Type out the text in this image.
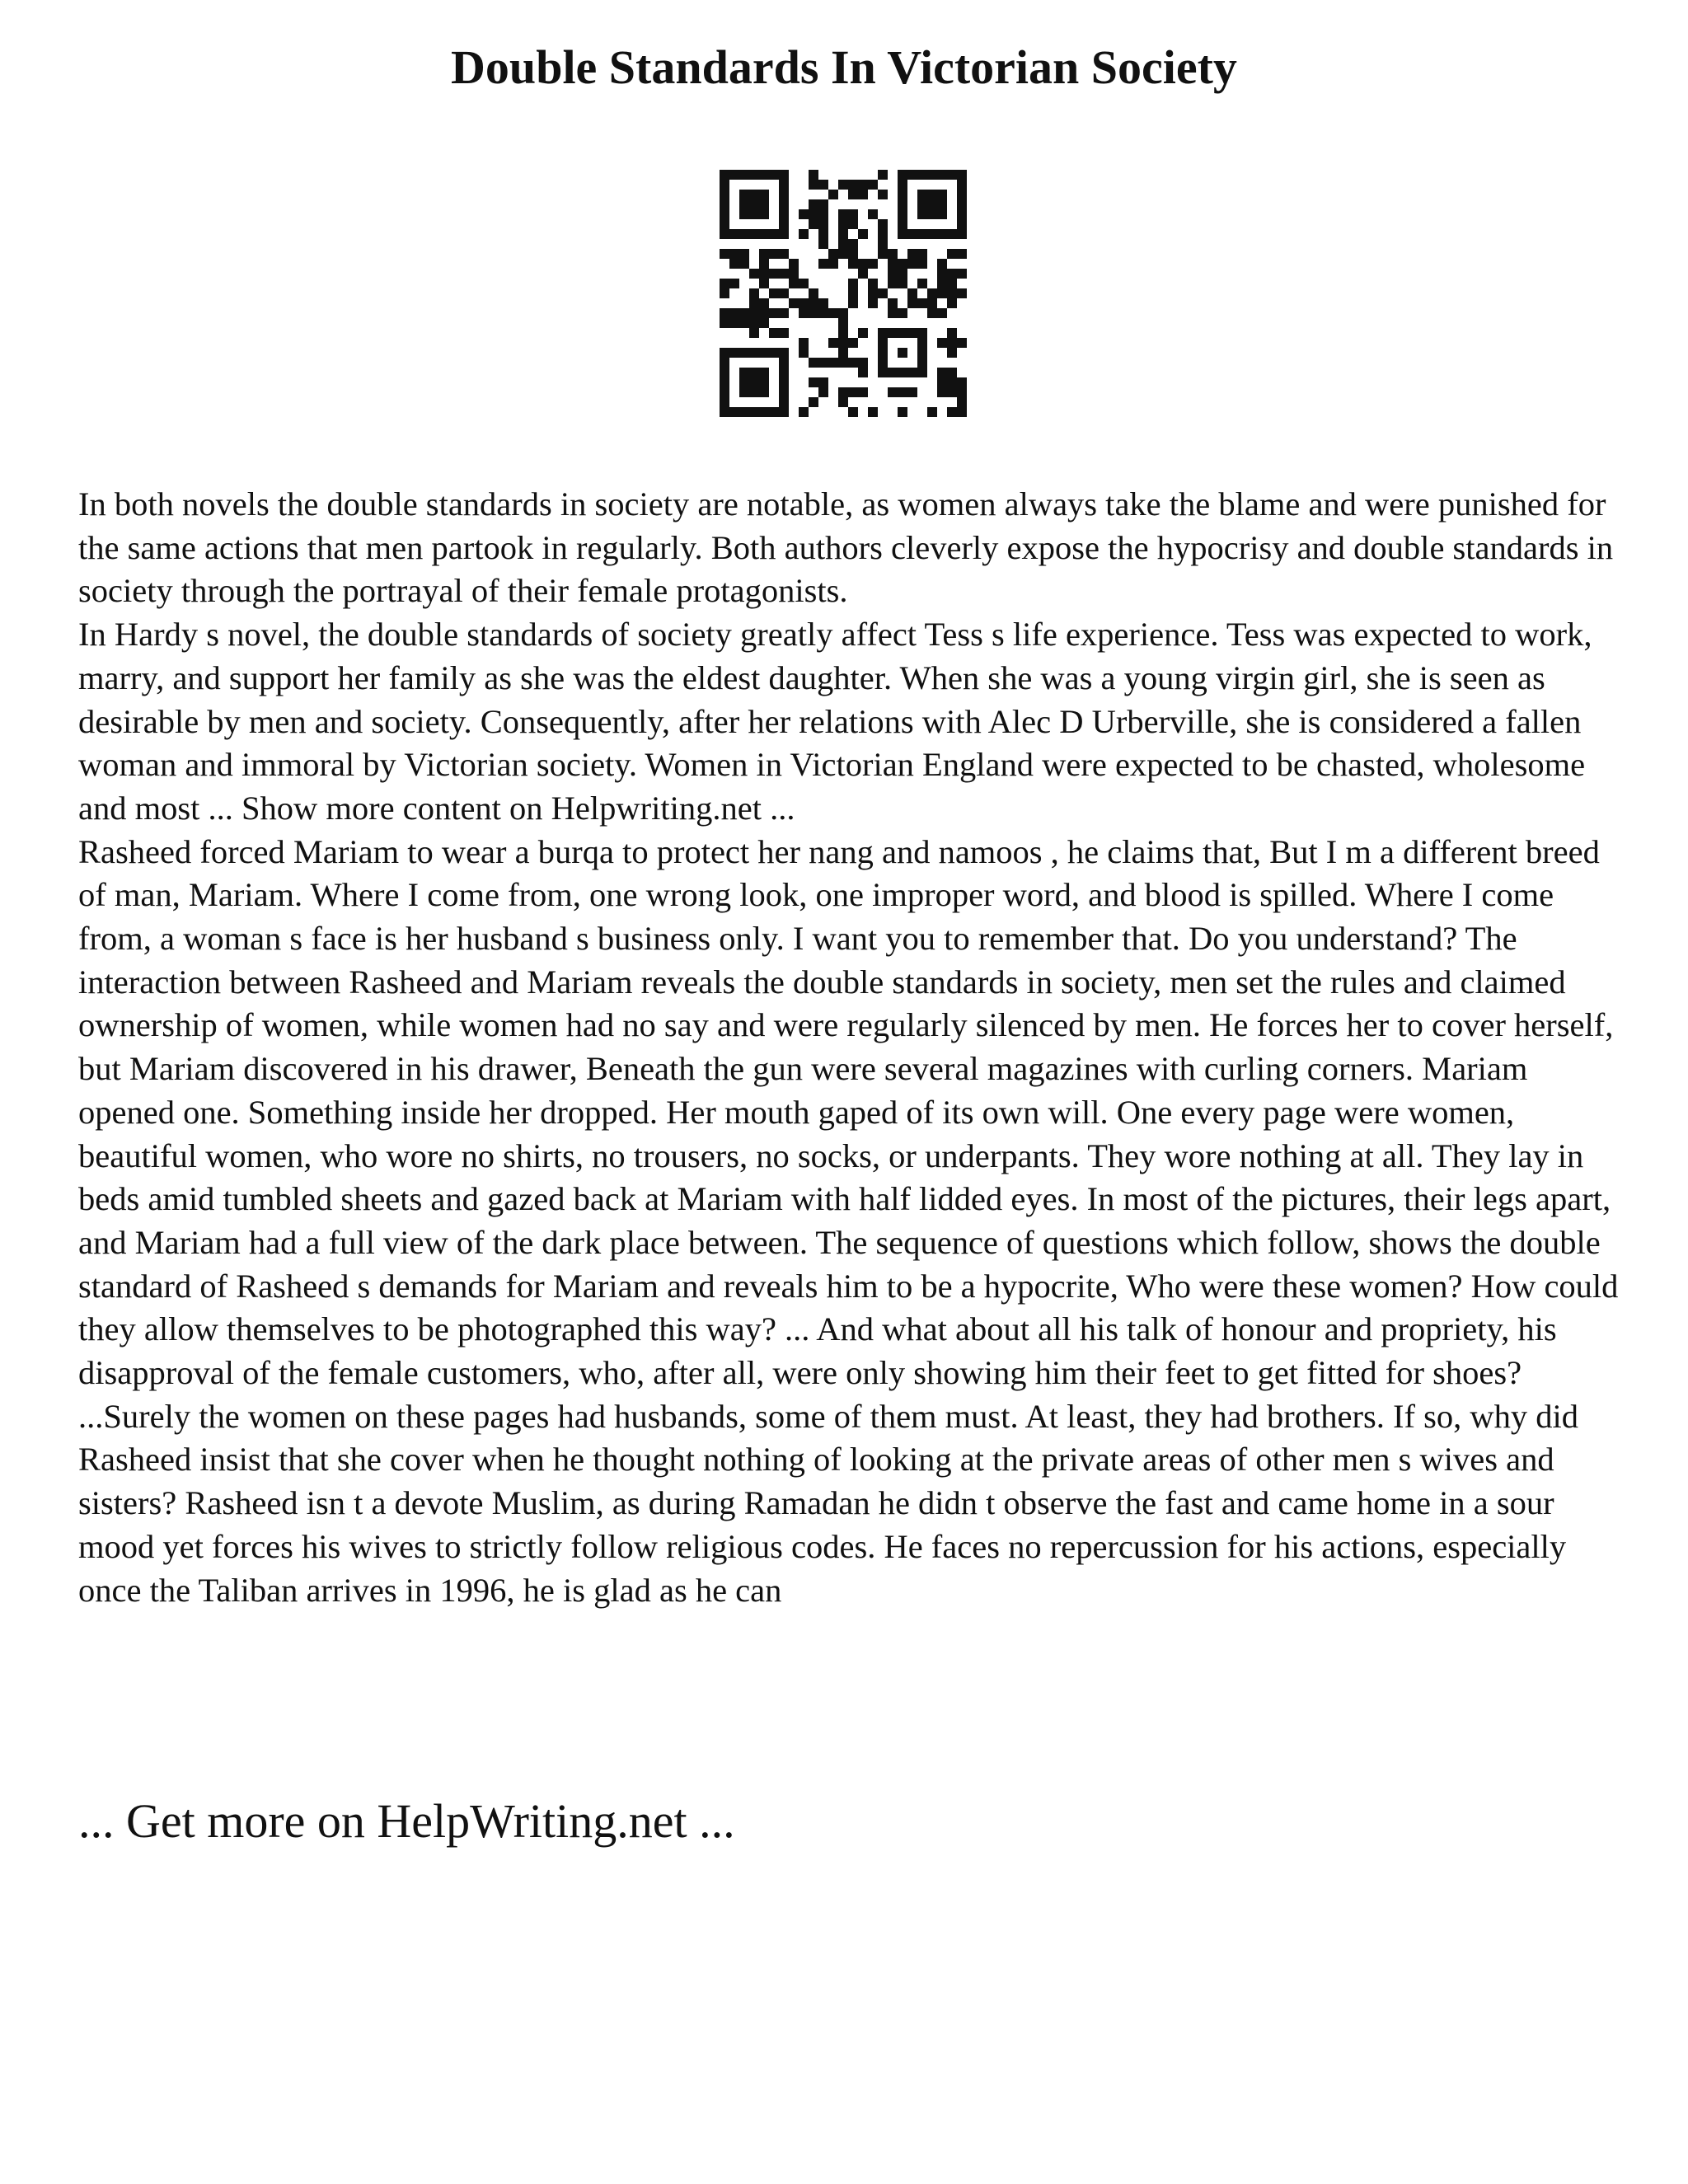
Double Standards In Victorian Society

In both novels the double standards in society are notable, as women always take the blame and were punished for the same actions that men partook in regularly. Both authors cleverly expose the hypocrisy and double standards in society through the portrayal of their female protagonists.

In Hardy s novel, the double standards of society greatly affect Tess s life experience. Tess was expected to work, marry, and support her family as she was the eldest daughter. When she was a young virgin girl, she is seen as desirable by men and society. Consequently, after her relations with Alec D Urberville, she is considered a fallen woman and immoral by Victorian society. Women in Victorian England were expected to be chasted, wholesome and most ... Show more content on Helpwriting.net ...

Rasheed forced Mariam to wear a burqa to protect her nang and namoos , he claims that, But I m a different breed of man, Mariam. Where I come from, one wrong look, one improper word, and blood is spilled. Where I come from, a woman s face is her husband s business only. I want you to remember that. Do you understand? The interaction between Rasheed and Mariam reveals the double standards in society, men set the rules and claimed ownership of women, while women had no say and were regularly silenced by men. He forces her to cover herself, but Mariam discovered in his drawer, Beneath the gun were several magazines with curling corners. Mariam opened one. Something inside her dropped. Her mouth gaped of its own will. One every page were women, beautiful women, who wore no shirts, no trousers, no socks, or underpants. They wore nothing at all. They lay in beds amid tumbled sheets and gazed back at Mariam with half lidded eyes. In most of the pictures, their legs apart, and Mariam had a full view of the dark place between. The sequence of questions which follow, shows the double standard of Rasheed s demands for Mariam and reveals him to be a hypocrite, Who were these women? How could they allow themselves to be photographed this way? ... And what about all his talk of honour and propriety, his disapproval of the female customers, who, after all, were only showing him their feet to get fitted for shoes? ...Surely the women on these pages had husbands, some of them must. At least, they had brothers. If so, why did Rasheed insist that she cover when he thought nothing of looking at the private areas of other men s wives and sisters? Rasheed isn t a devote Muslim, as during Ramadan he didn t observe the fast and came home in a sour mood yet forces his wives to strictly follow religious codes. He faces no repercussion for his actions, especially once the Taliban arrives in 1996, he is glad as he can

... Get more on HelpWriting.net ...
